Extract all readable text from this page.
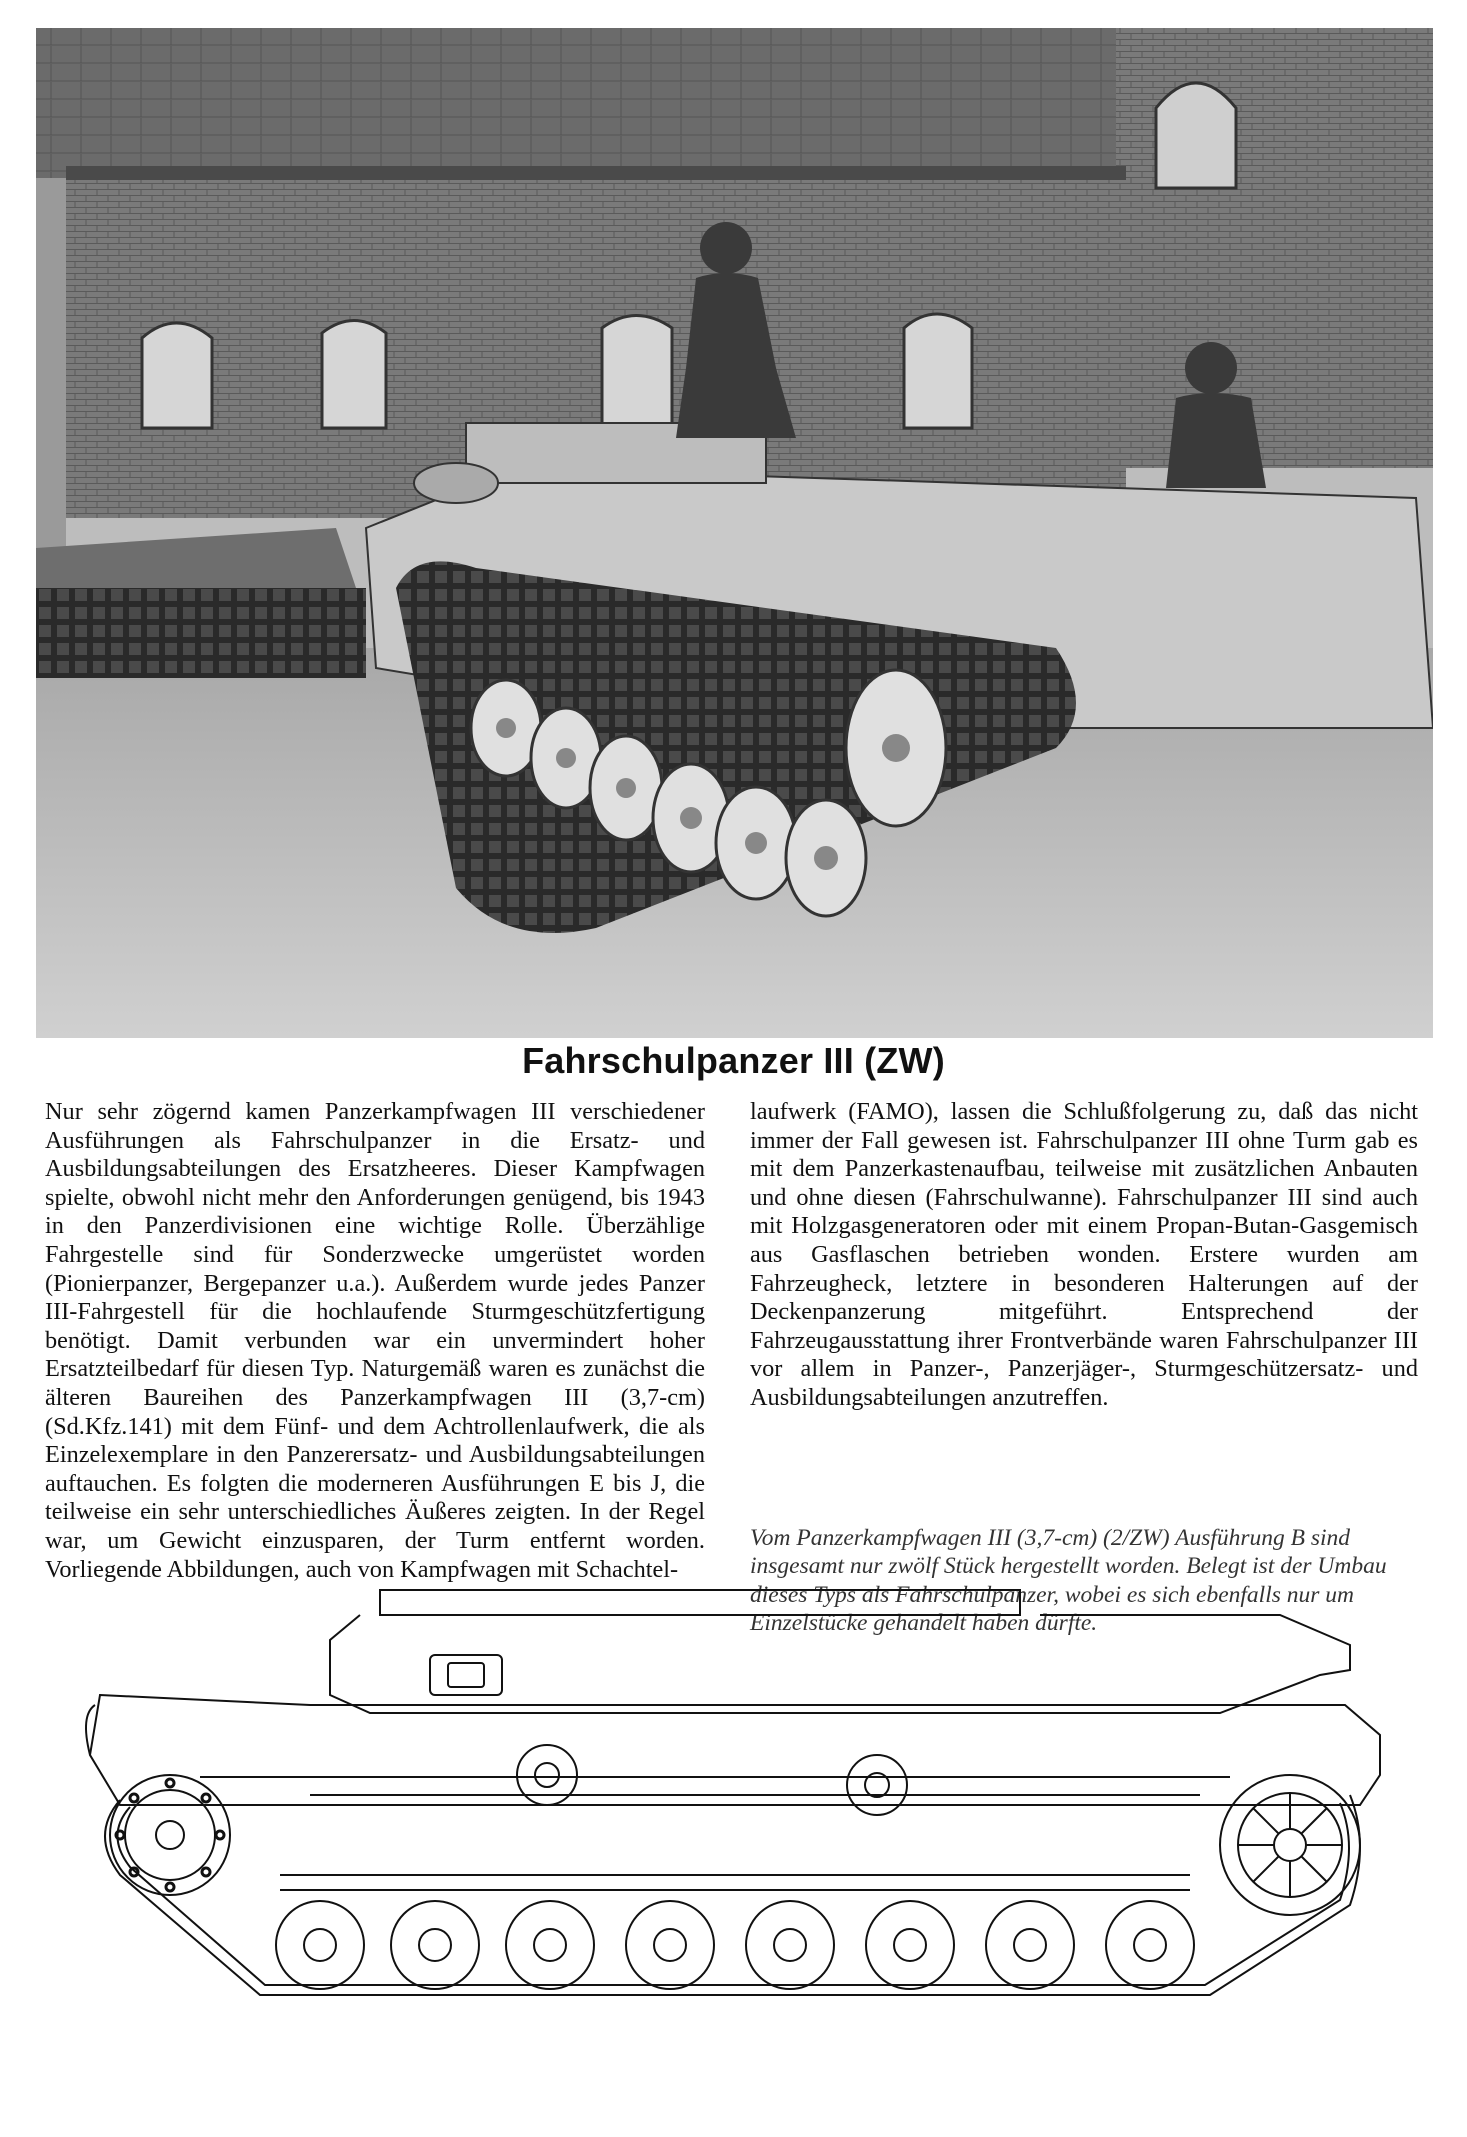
Fahrschulpanzer III (ZW)

Nur sehr zögernd kamen Panzerkampfwagen III verschiedener Ausführungen als Fahrschulpanzer in die Ersatz- und Ausbildungsabteilungen des Ersatzheeres. Dieser Kampfwagen spielte, obwohl nicht mehr den Anforderungen genügend, bis 1943 in den Panzerdivisionen eine wichtige Rolle. Überzählige Fahrgestelle sind für Sonderzwecke umgerüstet worden (Pionierpanzer, Bergepanzer u.a.). Außerdem wurde jedes Panzer III-Fahrgestell für die hochlaufende Sturmgeschützfertigung benötigt. Damit verbunden war ein unvermindert hoher Ersatzteilbedarf für diesen Typ. Naturgemäß waren es zunächst die älteren Baureihen des Panzerkampfwagen III (3,7-cm) (Sd.Kfz.141) mit dem Fünf- und dem Achtrollenlaufwerk, die als Einzelexemplare in den Panzerersatz- und Ausbildungsabteilungen auftauchen. Es folgten die moderneren Ausführungen E bis J, die teilweise ein sehr unterschiedliches Äußeres zeigten. In der Regel war, um Gewicht einzusparen, der Turm entfernt worden. Vorliegende Abbildungen, auch von Kampfwagen mit Schachtel-

laufwerk (FAMO), lassen die Schlußfolgerung zu, daß das nicht immer der Fall gewesen ist. Fahrschulpanzer III ohne Turm gab es mit dem Panzerkastenaufbau, teilweise mit zusätzlichen Anbauten und ohne diesen (Fahrschulwanne). Fahrschulpanzer III sind auch mit Holzgasgeneratoren oder mit einem Propan-Butan-Gasgemisch aus Gasflaschen betrieben wonden. Erstere wurden am Fahrzeugheck, letztere in besonderen Halterungen auf der Deckenpanzerung mitgeführt. Entsprechend der Fahrzeugausstattung ihrer Frontverbände waren Fahrschulpanzer III vor allem in Panzer-, Panzerjäger-, Sturmgeschützersatz- und Ausbildungsabteilungen anzutreffen.

Vom Panzerkampfwagen III (3,7-cm) (2/ZW) Ausführung B sind insgesamt nur zwölf Stück hergestellt worden. Belegt ist der Umbau dieses Typs als Fahrschulpanzer, wobei es sich ebenfalls nur um Einzelstücke gehandelt haben dürfte.
